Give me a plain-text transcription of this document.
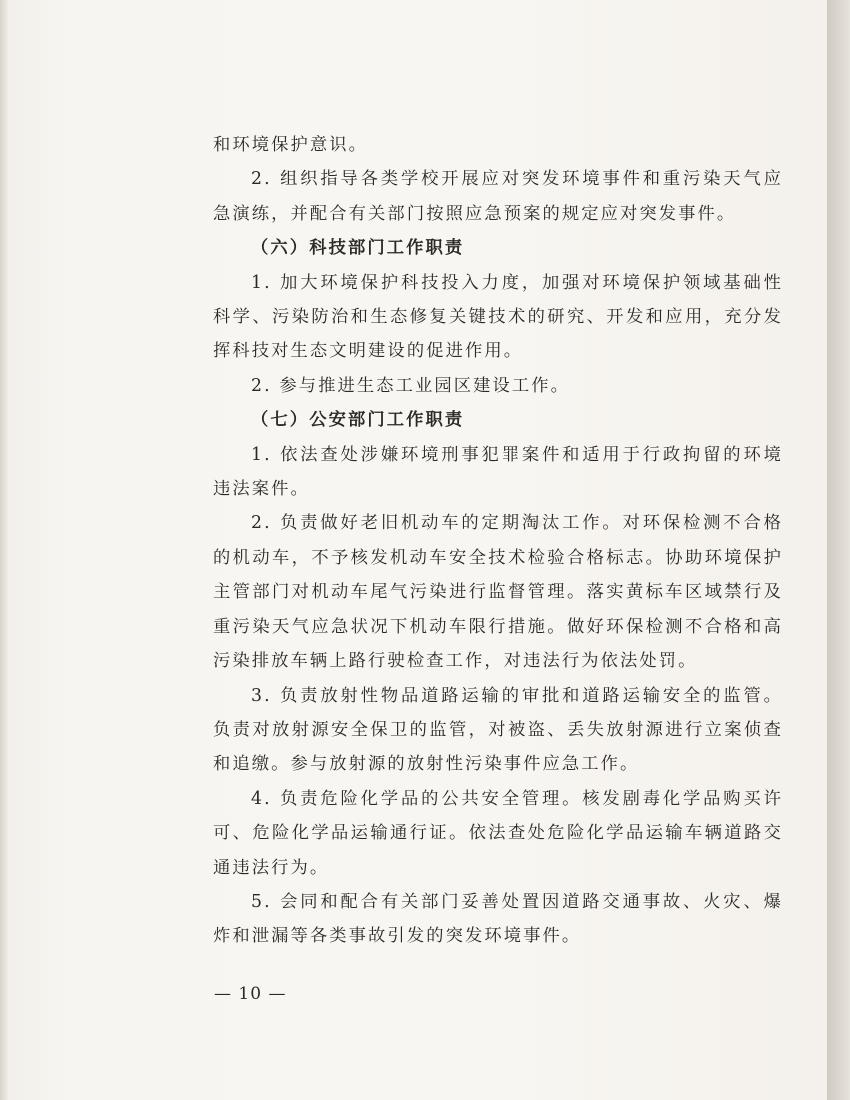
和环境保护意识。

2. 组织指导各类学校开展应对突发环境事件和重污染天气应急演练，并配合有关部门按照应急预案的规定应对突发事件。

（六）科技部门工作职责

1. 加大环境保护科技投入力度，加强对环境保护领域基础性科学、污染防治和生态修复关键技术的研究、开发和应用，充分发挥科技对生态文明建设的促进作用。

2. 参与推进生态工业园区建设工作。

（七）公安部门工作职责

1. 依法查处涉嫌环境刑事犯罪案件和适用于行政拘留的环境违法案件。

2. 负责做好老旧机动车的定期淘汰工作。对环保检测不合格的机动车，不予核发机动车安全技术检验合格标志。协助环境保护主管部门对机动车尾气污染进行监督管理。落实黄标车区域禁行及重污染天气应急状况下机动车限行措施。做好环保检测不合格和高污染排放车辆上路行驶检查工作，对违法行为依法处罚。

3. 负责放射性物品道路运输的审批和道路运输安全的监管。负责对放射源安全保卫的监管，对被盗、丢失放射源进行立案侦查和追缴。参与放射源的放射性污染事件应急工作。

4. 负责危险化学品的公共安全管理。核发剧毒化学品购买许可、危险化学品运输通行证。依法查处危险化学品运输车辆道路交通违法行为。

5. 会同和配合有关部门妥善处置因道路交通事故、火灾、爆炸和泄漏等各类事故引发的突发环境事件。

— 10 —
